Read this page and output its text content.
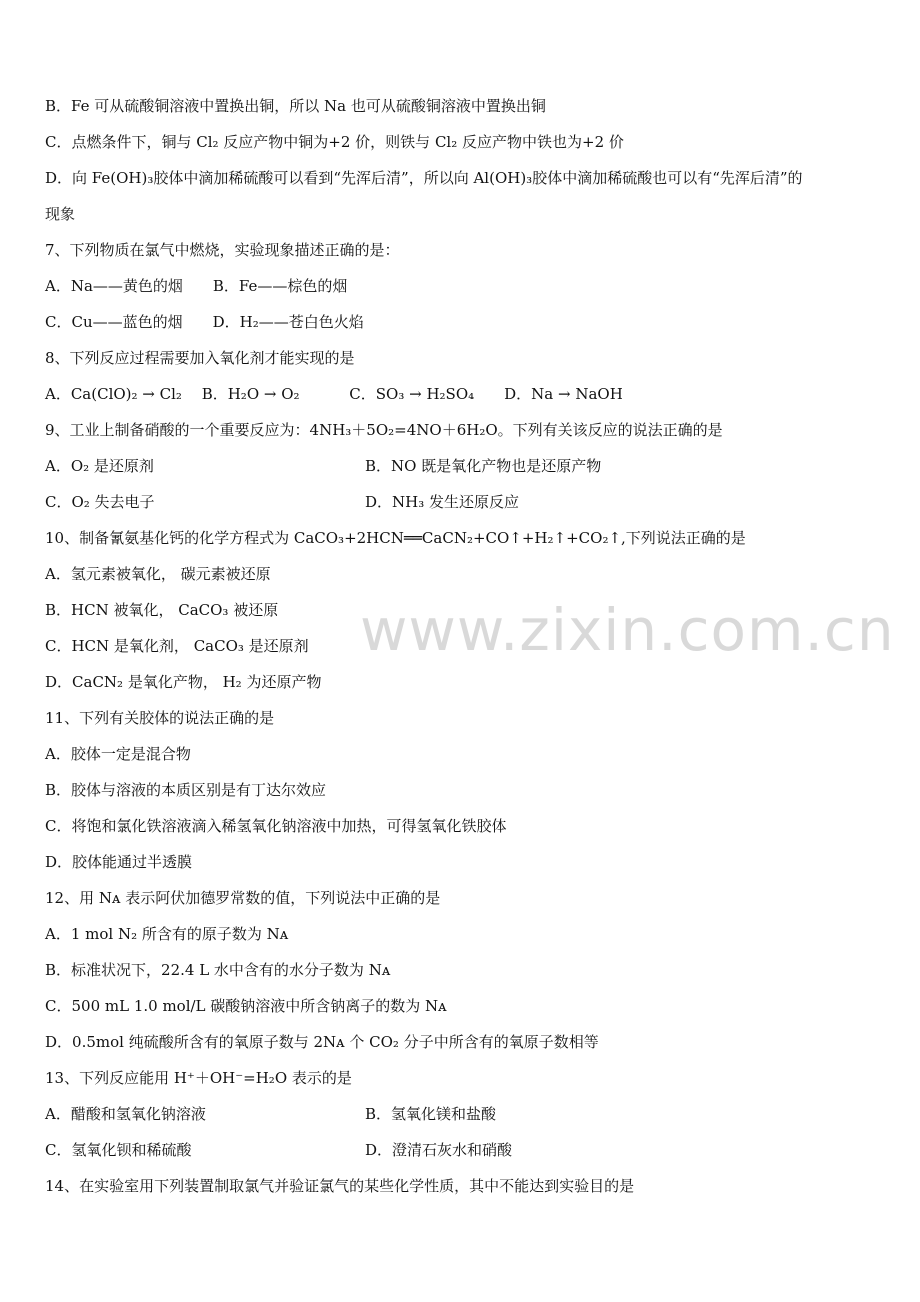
B．Fe 可从硫酸铜溶液中置换出铜，所以 Na 也可从硫酸铜溶液中置换出铜
C．点燃条件下，铜与 Cl₂ 反应产物中铜为+2 价，则铁与 Cl₂ 反应产物中铁也为+2 价
D．向 Fe(OH)₃胶体中滴加稀硫酸可以看到“先浑后清”，所以向 Al(OH)₃胶体中滴加稀硫酸也可以有“先浑后清”的
现象
7、下列物质在氯气中燃烧，实验现象描述正确的是：
A．Na——黄色的烟　　B．Fe——棕色的烟
C．Cu——蓝色的烟　　D．H₂——苍白色火焰
8、下列反应过程需要加入氧化剂才能实现的是
A．Ca(ClO)₂ → Cl₂　 B．H₂O → O₂　　　 C．SO₃ → H₂SO₄　　D．Na → NaOH
9、工业上制备硝酸的一个重要反应为：4NH₃＋5O₂=4NO＋6H₂O。下列有关该反应的说法正确的是
A．O₂ 是还原剂	B．NO 既是氧化产物也是还原产物
C．O₂ 失去电子	D．NH₃ 发生还原反应
10、制备氰氨基化钙的化学方程式为 CaCO₃+2HCN══CaCN₂+CO↑+H₂↑+CO₂↑,下列说法正确的是
A．氢元素被氧化， 碳元素被还原
B．HCN 被氧化， CaCO₃ 被还原
C．HCN 是氧化剂， CaCO₃ 是还原剂
D．CaCN₂ 是氧化产物， H₂ 为还原产物
11、下列有关胶体的说法正确的是
A．胶体一定是混合物
B．胶体与溶液的本质区别是有丁达尔效应
C．将饱和氯化铁溶液滴入稀氢氧化钠溶液中加热，可得氢氧化铁胶体
D．胶体能通过半透膜
12、用 Nᴀ 表示阿伏加德罗常数的值，下列说法中正确的是
A．1 mol N₂ 所含有的原子数为 Nᴀ
B．标准状况下，22.4 L 水中含有的水分子数为 Nᴀ
C．500 mL 1.0 mol/L 碳酸钠溶液中所含钠离子的数为 Nᴀ
D．0.5mol 纯硫酸所含有的氧原子数与 2Nᴀ 个 CO₂ 分子中所含有的氧原子数相等
13、下列反应能用 H⁺＋OH⁻=H₂O 表示的是
A．醋酸和氢氧化钠溶液	B．氢氧化镁和盐酸
C．氢氧化钡和稀硫酸	D．澄清石灰水和硝酸
14、在实验室用下列装置制取氯气并验证氯气的某些化学性质，其中不能达到实验目的是
www.zixin.com.cn
